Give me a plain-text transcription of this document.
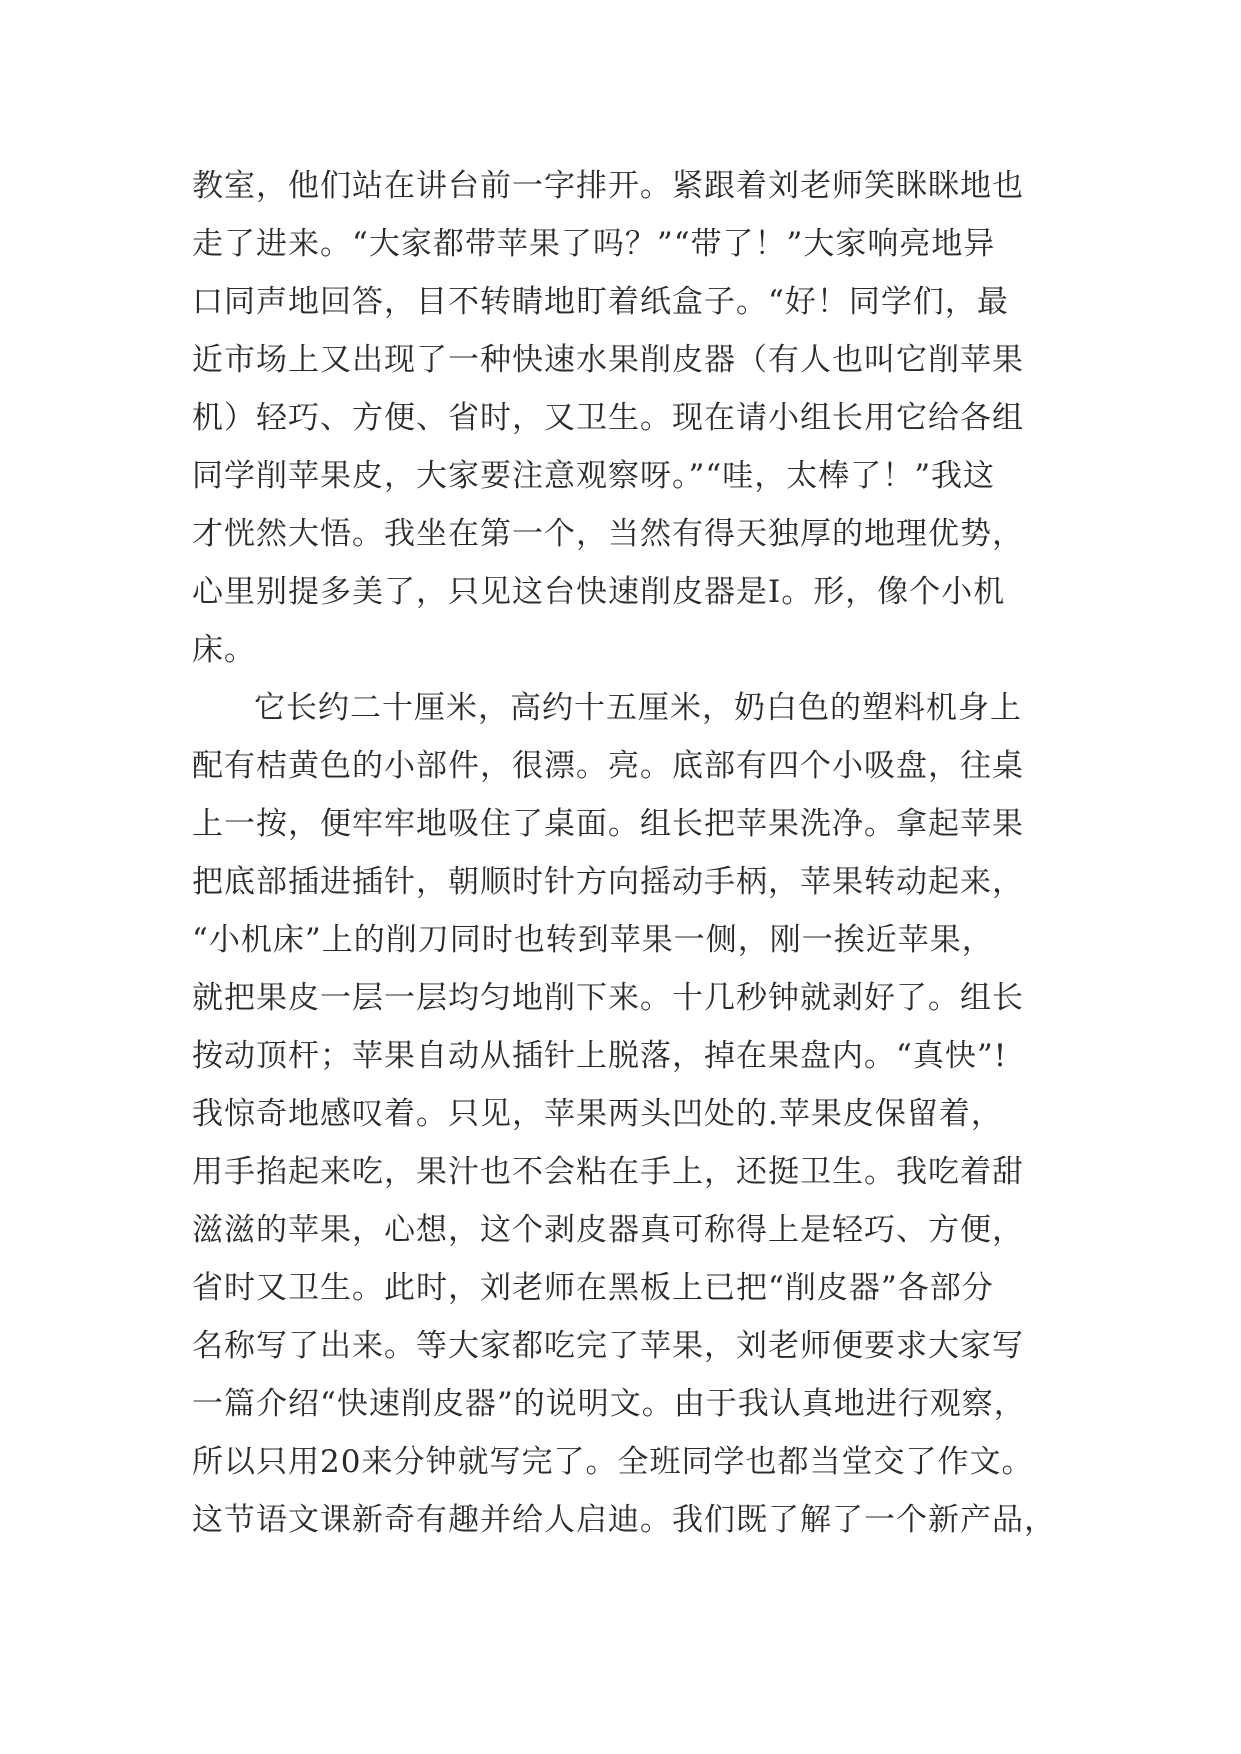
教室，他们站在讲台前一字排开。紧跟着刘老师笑眯眯地也
走了进来。“大家都带苹果了吗？”“带了！”大家响亮地异
口同声地回答，目不转睛地盯着纸盒子。“好！同学们，最
近市场上又出现了一种快速水果削皮器（有人也叫它削苹果
机）轻巧、方便、省时，又卫生。现在请小组长用它给各组
同学削苹果皮，大家要注意观察呀。”“哇，太棒了！”我这
才恍然大悟。我坐在第一个，当然有得天独厚的地理优势，
心里别提多美了，只见这台快速削皮器是Ⅰ。形，像个小机
床。
它长约二十厘米，高约十五厘米，奶白色的塑料机身上
配有桔黄色的小部件，很漂。亮。底部有四个小吸盘，往桌
上一按，便牢牢地吸住了桌面。组长把苹果洗净。拿起苹果
把底部插进插针，朝顺时针方向摇动手柄，苹果转动起来，
“小机床”上的削刀同时也转到苹果一侧，刚一挨近苹果，
就把果皮一层一层均匀地削下来。十几秒钟就剥好了。组长
按动顶杆；苹果自动从插针上脱落，掉在果盘内。“真快”!
我惊奇地感叹着。只见，苹果两头凹处的.苹果皮保留着，
用手掐起来吃，果汁也不会粘在手上，还挺卫生。我吃着甜
滋滋的苹果，心想，这个剥皮器真可称得上是轻巧、方便，
省时又卫生。此时，刘老师在黑板上已把“削皮器”各部分
名称写了出来。等大家都吃完了苹果，刘老师便要求大家写
一篇介绍“快速削皮器”的说明文。由于我认真地进行观察，
所以只用20来分钟就写完了。全班同学也都当堂交了作文。
这节语文课新奇有趣并给人启迪。我们既了解了一个新产品，
